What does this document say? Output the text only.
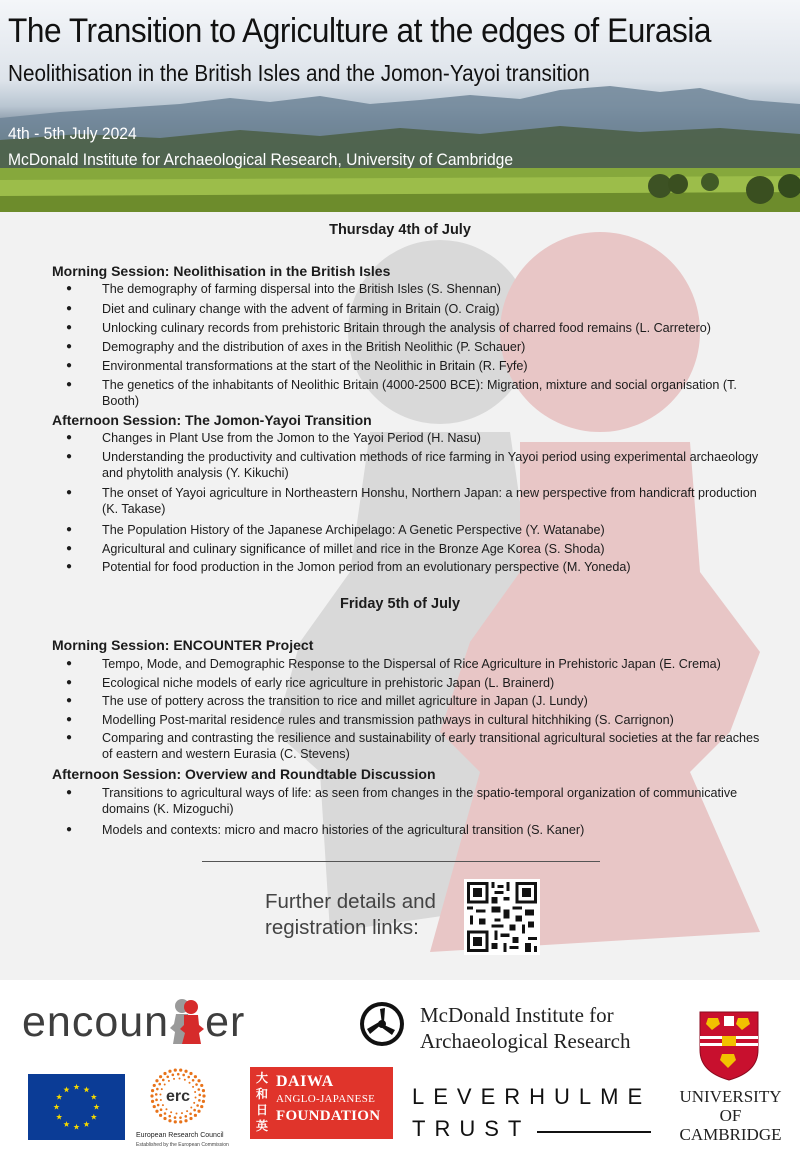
The Transition to Agriculture at the edges of Eurasia
Neolithisation in the British Isles and the Jomon-Yayoi transition
4th - 5th July 2024
McDonald Institute for Archaeological Research, University of Cambridge
Thursday 4th of July
Morning Session: Neolithisation in the British Isles
● The demography of farming dispersal into the British Isles (S. Shennan)
● Diet and culinary change with the advent of farming in Britain (O. Craig)
● Unlocking culinary records from prehistoric Britain through the analysis of charred food remains (L. Carretero)
● Demography and the distribution of axes in the British Neolithic (P. Schauer)
● Environmental transformations at the start of the Neolithic in Britain (R. Fyfe)
● The genetics of the inhabitants of Neolithic Britain (4000-2500 BCE): Migration, mixture and social organisation (T. Booth)
Afternoon Session: The Jomon-Yayoi Transition
● Changes in Plant Use from the Jomon to the Yayoi Period (H. Nasu)
● Understanding the productivity and cultivation methods of rice farming in Yayoi period using experimental archaeology and phytolith analysis (Y. Kikuchi)
● The onset of Yayoi agriculture in Northeastern Honshu, Northern Japan: a new perspective from handicraft production (K. Takase)
● The Population History of the Japanese Archipelago: A Genetic Perspective (Y. Watanabe)
● Agricultural and culinary significance of millet and rice in the Bronze Age Korea (S. Shoda)
● Potential for food production in the Jomon period from an evolutionary perspective (M. Yoneda)
Friday 5th of July
Morning Session: ENCOUNTER Project
● Tempo, Mode, and Demographic Response to the Dispersal of Rice Agriculture in Prehistoric Japan (E. Crema)
● Ecological niche models of early rice agriculture in prehistoric Japan (L. Brainerd)
● The use of pottery across the transition to rice and millet agriculture in Japan (J. Lundy)
● Modelling Post-marital residence rules and transmission pathways in cultural hitchhiking (S. Carrignon)
● Comparing and contrasting the resilience and sustainability of early transitional agricultural societies at the far reaches of eastern and western Eurasia (C. Stevens)
Afternoon Session: Overview and Roundtable Discussion
● Transitions to agricultural ways of life: as seen from changes in the spatio-temporal organization of communicative domains (K. Mizoguchi)
● Models and contexts: micro and macro histories of the agricultural transition (S. Kaner)
Further details and
registration links:
encoun er	McDonald Institute for
Archaeological Research
UNIVERSITY OF
CAMBRIDGE
erc
European Research Council
Established by the European Commission
大
和
日
英
DAIWA
ANGLO-JAPANESE
FOUNDATION
LEVERHULME
TRUST
